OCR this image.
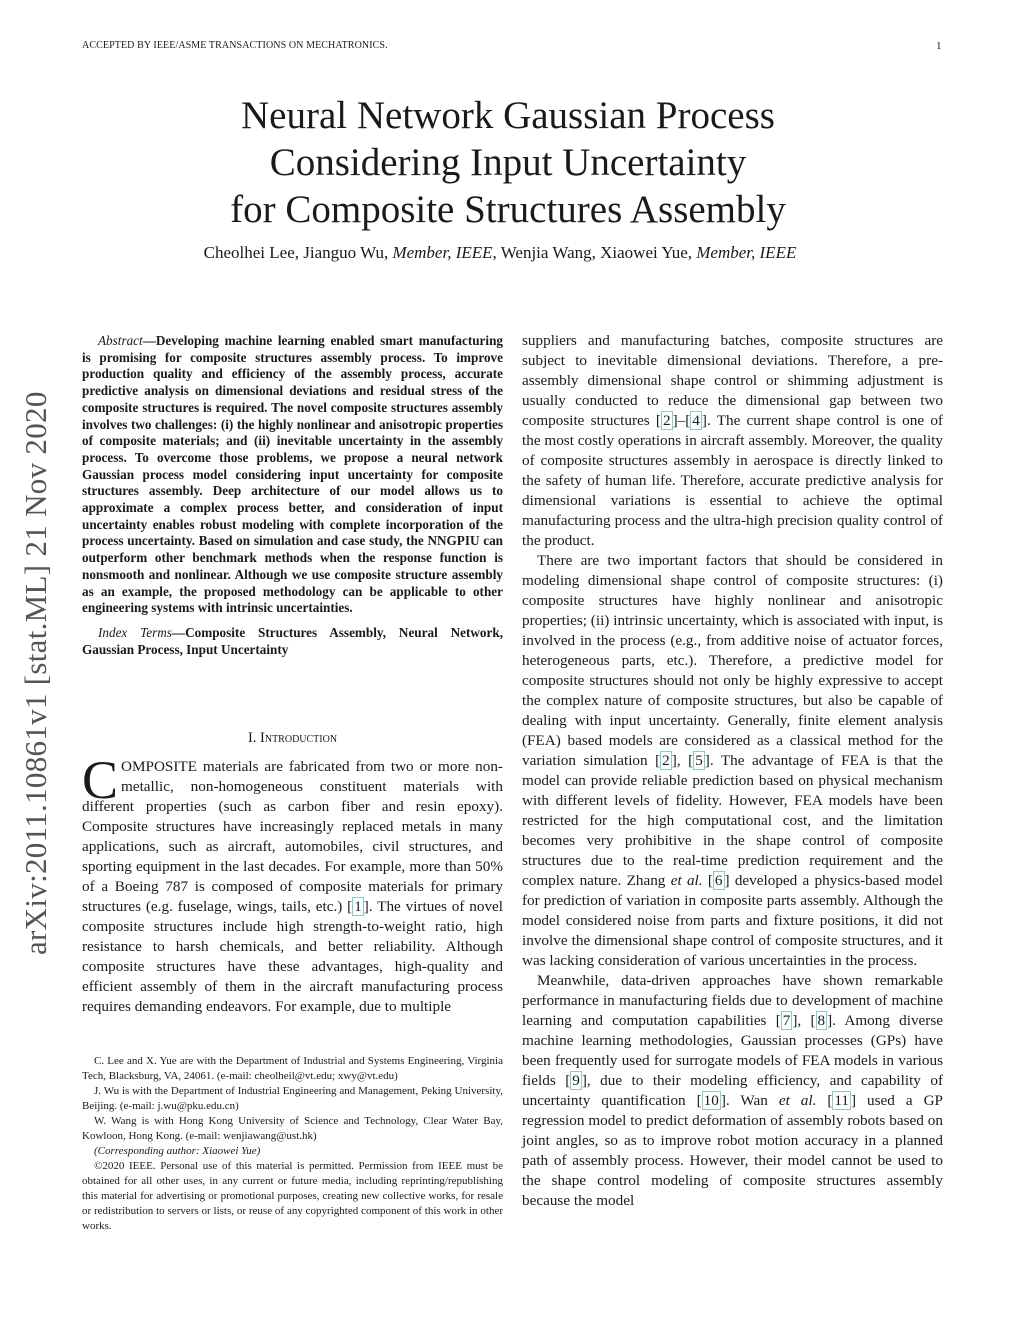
ACCEPTED BY IEEE/ASME TRANSACTIONS ON MECHATRONICS.	1
arXiv:2011.10861v1 [stat.ML] 21 Nov 2020
Neural Network Gaussian Process
Considering Input Uncertainty
for Composite Structures Assembly
Cheolhei Lee, Jianguo Wu, Member, IEEE, Wenjia Wang, Xiaowei Yue, Member, IEEE

Abstract—Developing machine learning enabled smart manufacturing is promising for composite structures assembly process. To improve production quality and efficiency of the assembly process, accurate predictive analysis on dimensional deviations and residual stress of the composite structures is required. The novel composite structures assembly involves two challenges: (i) the highly nonlinear and anisotropic properties of composite materials; and (ii) inevitable uncertainty in the assembly process. To overcome those problems, we propose a neural network Gaussian process model considering input uncertainty for composite structures assembly. Deep architecture of our model allows us to approximate a complex process better, and consideration of input uncertainty enables robust modeling with complete incorporation of the process uncertainty. Based on simulation and case study, the NNGPIU can outperform other benchmark methods when the response function is nonsmooth and nonlinear. Although we use composite structure assembly as an example, the proposed methodology can be applicable to other engineering systems with intrinsic uncertainties.

Index Terms—Composite Structures Assembly, Neural Network, Gaussian Process, Input Uncertainty

I. Introduction

COMPOSITE materials are fabricated from two or more non-metallic, non-homogeneous constituent materials with different properties (such as carbon fiber and resin epoxy). Composite structures have increasingly replaced metals in many applications, such as aircraft, automobiles, civil structures, and sporting equipment in the last decades. For example, more than 50% of a Boeing 787 is composed of composite materials for primary structures (e.g. fuselage, wings, tails, etc.) [ 1 ]. The virtues of novel composite structures include high strength-to-weight ratio, high resistance to harsh chemicals, and better reliability. Although composite structures have these advantages, high-quality and efficient assembly of them in the aircraft manufacturing process requires demanding endeavors. For example, due to multiple

C. Lee and X. Yue are with the Department of Industrial and Systems Engineering, Virginia Tech, Blacksburg, VA, 24061. (e-mail: cheolheil@vt.edu; xwy@vt.edu)

J. Wu is with the Department of Industrial Engineering and Management, Peking University, Beijing. (e-mail: j.wu@pku.edu.cn)

W. Wang is with Hong Kong University of Science and Technology, Clear Water Bay, Kowloon, Hong Kong. (e-mail: wenjiawang@ust.hk)

(Corresponding author: Xiaowei Yue)

©2020 IEEE. Personal use of this material is permitted. Permission from IEEE must be obtained for all other uses, in any current or future media, including reprinting/republishing this material for advertising or promotional purposes, creating new collective works, for resale or redistribution to servers or lists, or reuse of any copyrighted component of this work in other works.

suppliers and manufacturing batches, composite structures are subject to inevitable dimensional deviations. Therefore, a pre-assembly dimensional shape control or shimming adjustment is usually conducted to reduce the dimensional gap between two composite structures [ 2 ]–[ 4 ]. The current shape control is one of the most costly operations in aircraft assembly. Moreover, the quality of composite structures assembly in aerospace is directly linked to the safety of human life. Therefore, accurate predictive analysis for dimensional variations is essential to achieve the optimal manufacturing process and the ultra-high precision quality control of the product.

There are two important factors that should be considered in modeling dimensional shape control of composite structures: (i) composite structures have highly nonlinear and anisotropic properties; (ii) intrinsic uncertainty, which is associated with input, is involved in the process (e.g., from additive noise of actuator forces, heterogeneous parts, etc.). Therefore, a predictive model for composite structures should not only be highly expressive to accept the complex nature of composite structures, but also be capable of dealing with input uncertainty. Generally, finite element analysis (FEA) based models are considered as a classical method for the variation simulation [ 2 ], [ 5 ]. The advantage of FEA is that the model can provide reliable prediction based on physical mechanism with different levels of fidelity. However, FEA models have been restricted for the high computational cost, and the limitation becomes very prohibitive in the shape control of composite structures due to the real-time prediction requirement and the complex nature. Zhang et al. [ 6 ] developed a physics-based model for prediction of variation in composite parts assembly. Although the model considered noise from parts and fixture positions, it did not involve the dimensional shape control of composite structures, and it was lacking consideration of various uncertainties in the process.

Meanwhile, data-driven approaches have shown remarkable performance in manufacturing fields due to development of machine learning and computation capabilities [ 7 ], [ 8 ]. Among diverse machine learning methodologies, Gaussian processes (GPs) have been frequently used for surrogate models of FEA models in various fields [ 9 ], due to their modeling efficiency, and capability of uncertainty quantification [ 10 ]. Wan et al. [ 11 ] used a GP regression model to predict deformation of assembly robots based on joint angles, so as to improve robot motion accuracy in a planned path of assembly process. However, their model cannot be used to the shape control modeling of composite structures assembly because the model
